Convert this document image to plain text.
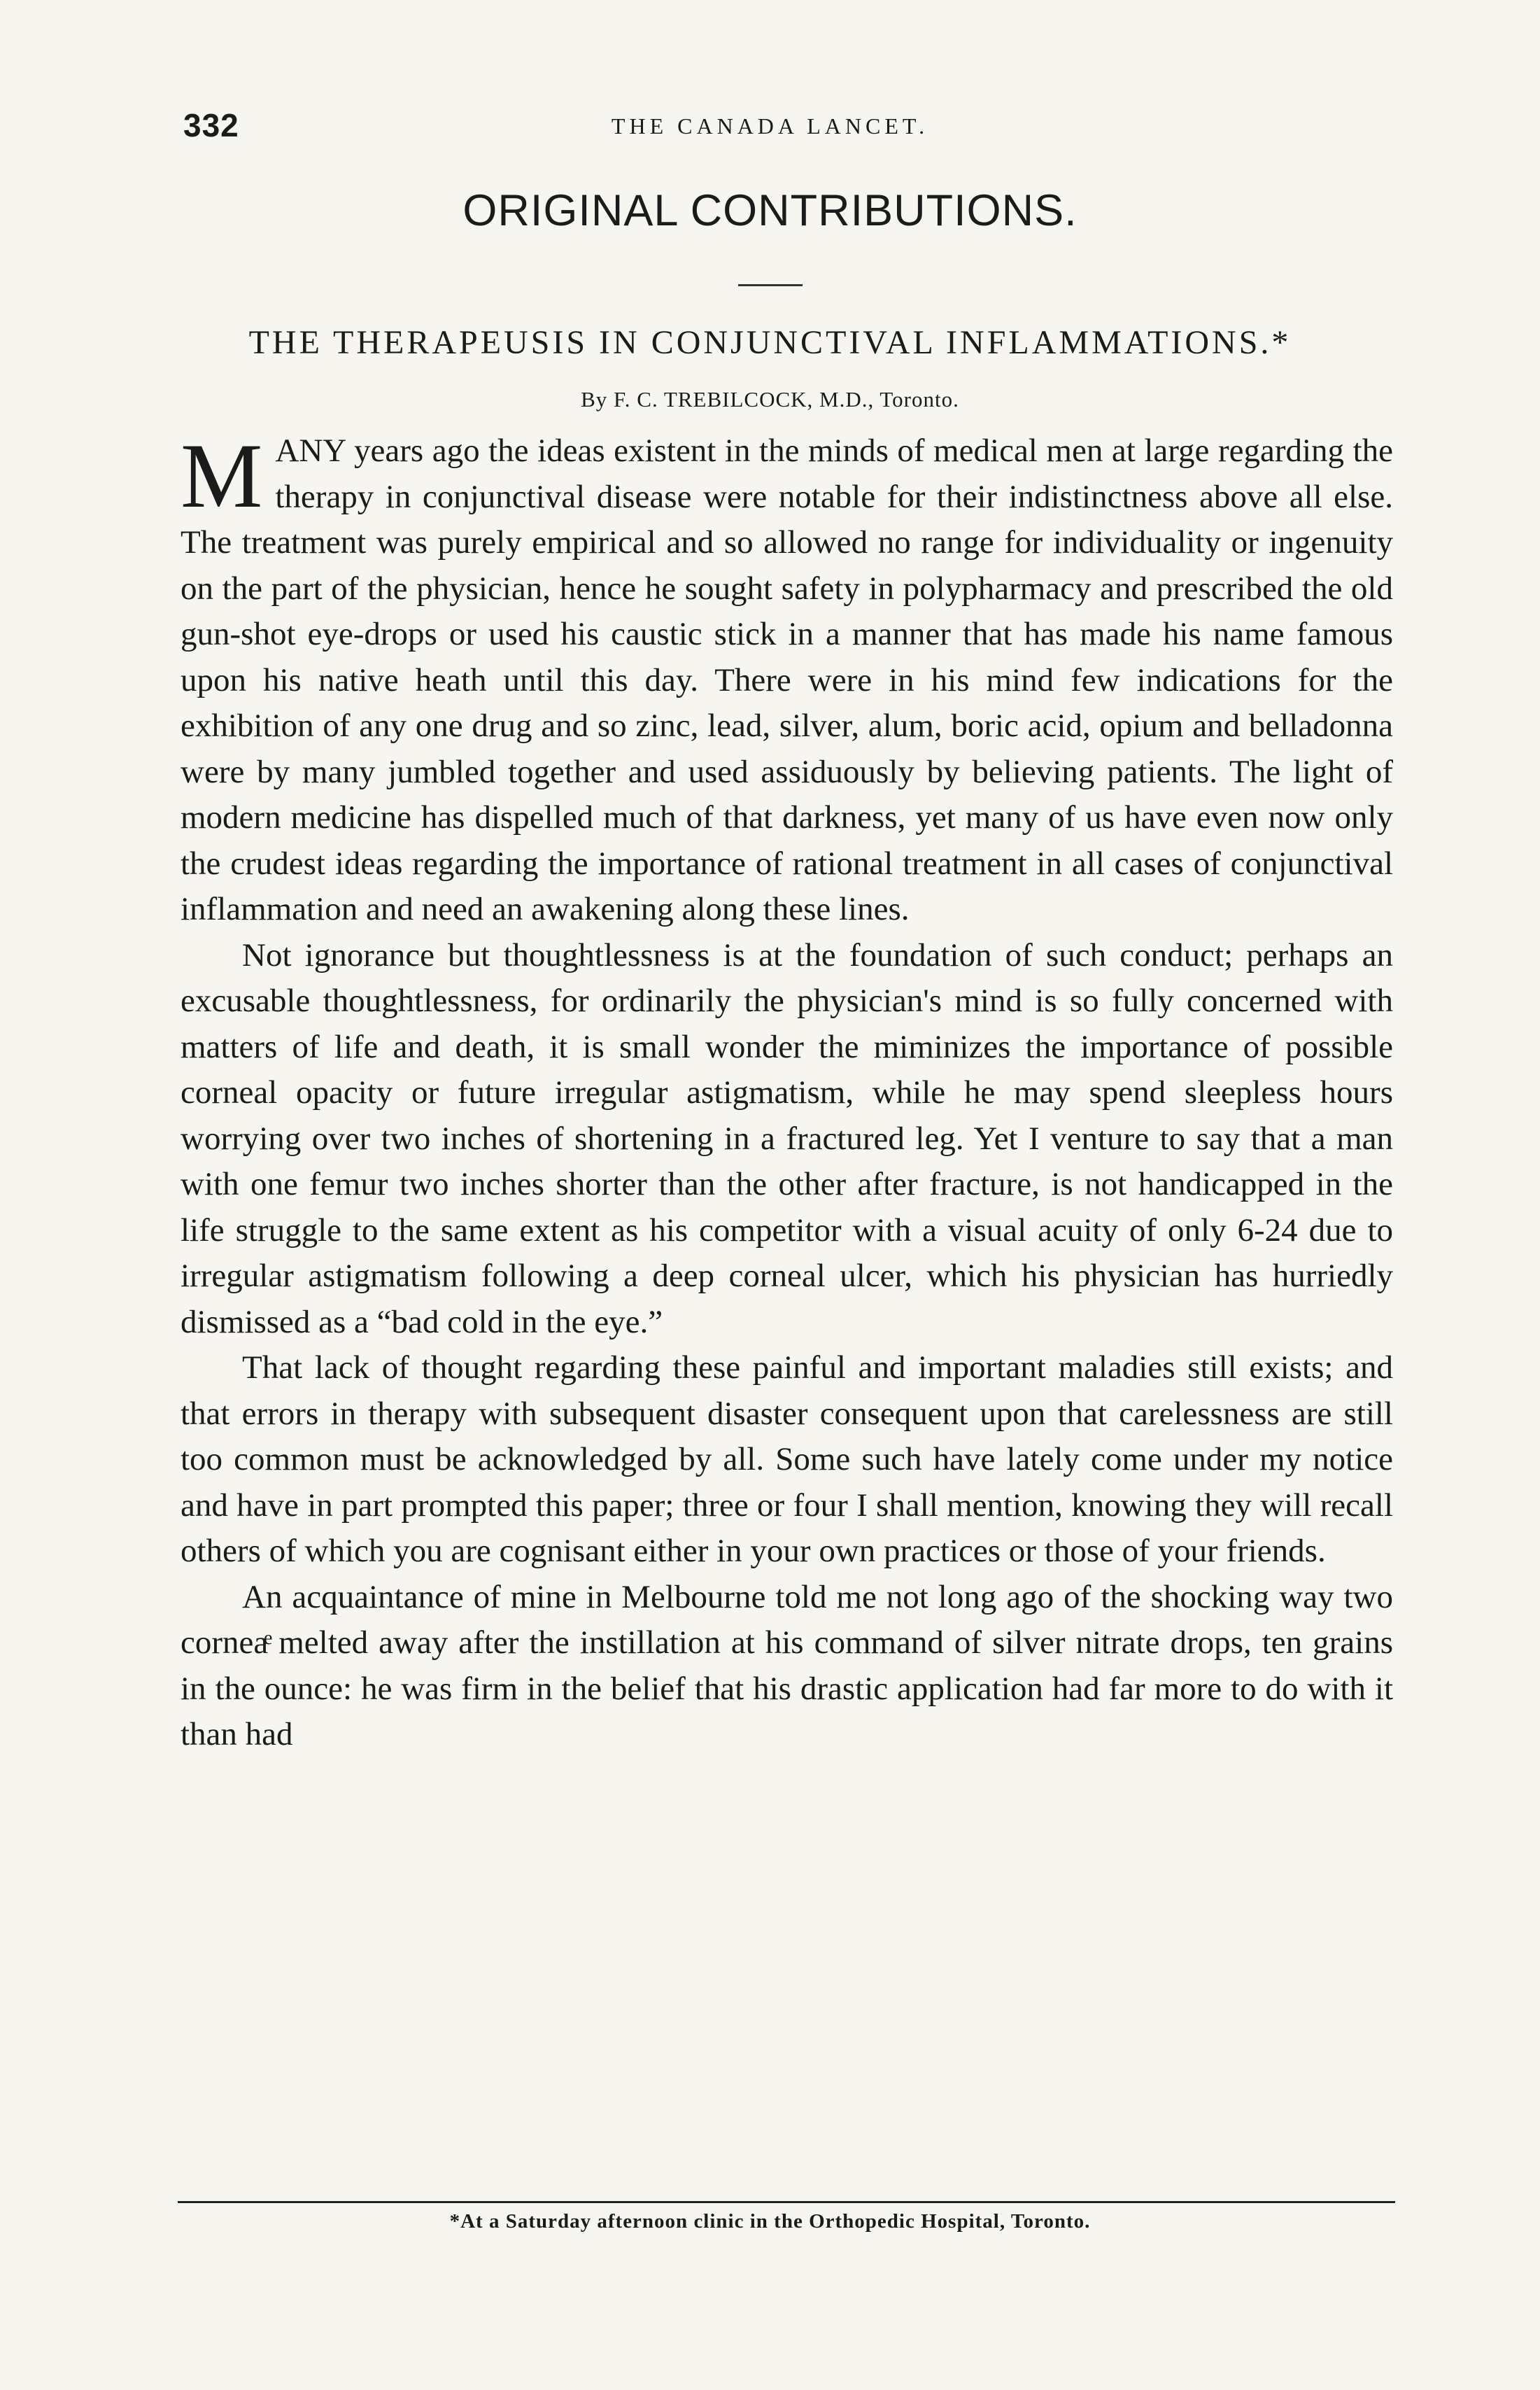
332	THE CANADA LANCET.
ORIGINAL CONTRIBUTIONS.
THE THERAPEUSIS IN CONJUNCTIVAL INFLAMMATIONS.*
By F. C. TREBILCOCK, M.D., Toronto.

MANY years ago the ideas existent in the minds of medical men at large regarding the therapy in conjunctival disease were notable for their indistinctness above all else. The treatment was purely empirical and so allowed no range for individuality or ingenuity on the part of the physician, hence he sought safety in polypharmacy and prescribed the old gun-shot eye-drops or used his caustic stick in a manner that has made his name famous upon his native heath until this day. There were in his mind few indications for the exhibition of any one drug and so zinc, lead, silver, alum, boric acid, opium and belladonna were by many jumbled together and used assiduously by believing patients. The light of modern medicine has dispelled much of that darkness, yet many of us have even now only the crudest ideas regarding the importance of rational treatment in all cases of conjunctival inflammation and need an awakening along these lines.

Not ignorance but thoughtlessness is at the foundation of such conduct; perhaps an excusable thoughtlessness, for ordinarily the physician's mind is so fully concerned with matters of life and death, it is small wonder the miminizes the importance of possible corneal opacity or future irregular astigmatism, while he may spend sleepless hours worrying over two inches of shortening in a fractured leg. Yet I venture to say that a man with one femur two inches shorter than the other after fracture, is not handicapped in the life struggle to the same extent as his competitor with a visual acuity of only 6-24 due to irregular astigmatism following a deep corneal ulcer, which his physician has hurriedly dismissed as a “bad cold in the eye.”

That lack of thought regarding these painful and important maladies still exists; and that errors in therapy with subsequent disaster consequent upon that carelessness are still too common must be acknowledged by all. Some such have lately come under my notice and have in part prompted this paper; three or four I shall mention, knowing they will recall others of which you are cognisant either in your own practices or those of your friends.

An acquaintance of mine in Melbourne told me not long ago of the shocking way two corneaͤ melted away after the instillation at his command of silver nitrate drops, ten grains in the ounce: he was firm in the belief that his drastic application had far more to do with it than had

*At a Saturday afternoon clinic in the Orthopedic Hospital, Toronto.
